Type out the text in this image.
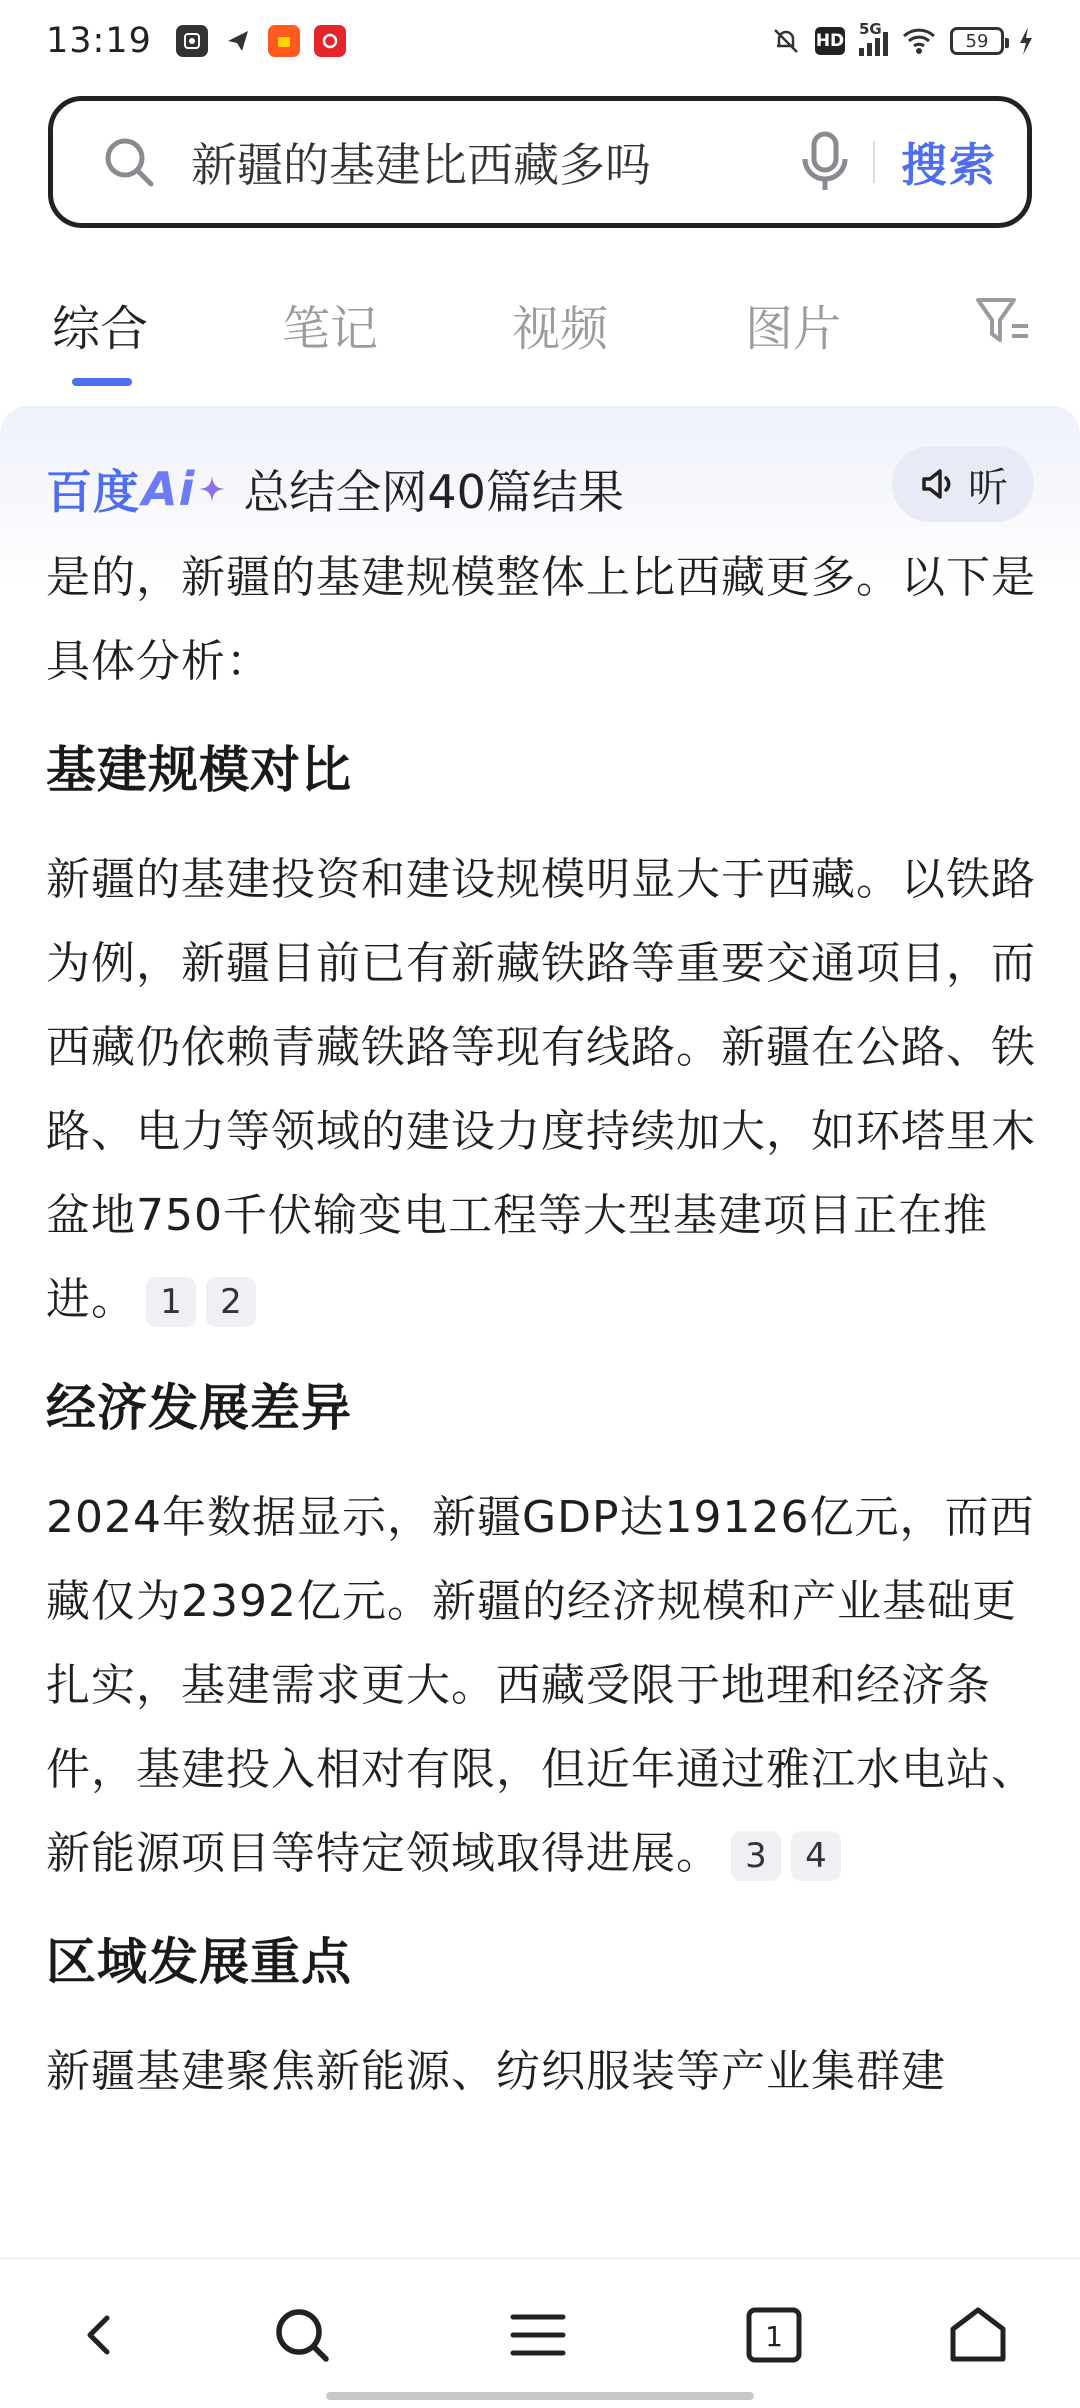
13:19	HD
5G
59
新疆的基建比西藏多吗	搜索
综合	笔记	视频	图片
百度 Ai 总结全网40篇结果	听

是的，新疆的基建规模整体上比西藏更多。以下是具体分析：

基建规模对比

新疆的基建投资和建设规模明显大于西藏。以铁路为例，新疆目前已有新藏铁路等重要交通项目，而西藏仍依赖青藏铁路等现有线路。新疆在公路、铁路、电力等领域的建设力度持续加大，如环塔里木盆地750千伏输变电工程等大型基建项目正在推进。 1 2

经济发展差异

2024年数据显示，新疆GDP达19126亿元，而西藏仅为2392亿元。新疆的经济规模和产业基础更扎实，基建需求更大。西藏受限于地理和经济条件，基建投入相对有限，但近年通过雅江水电站、新能源项目等特定领域取得进展。 3 4

区域发展重点

新疆基建聚焦新能源、纺织服装等产业集群建

1
